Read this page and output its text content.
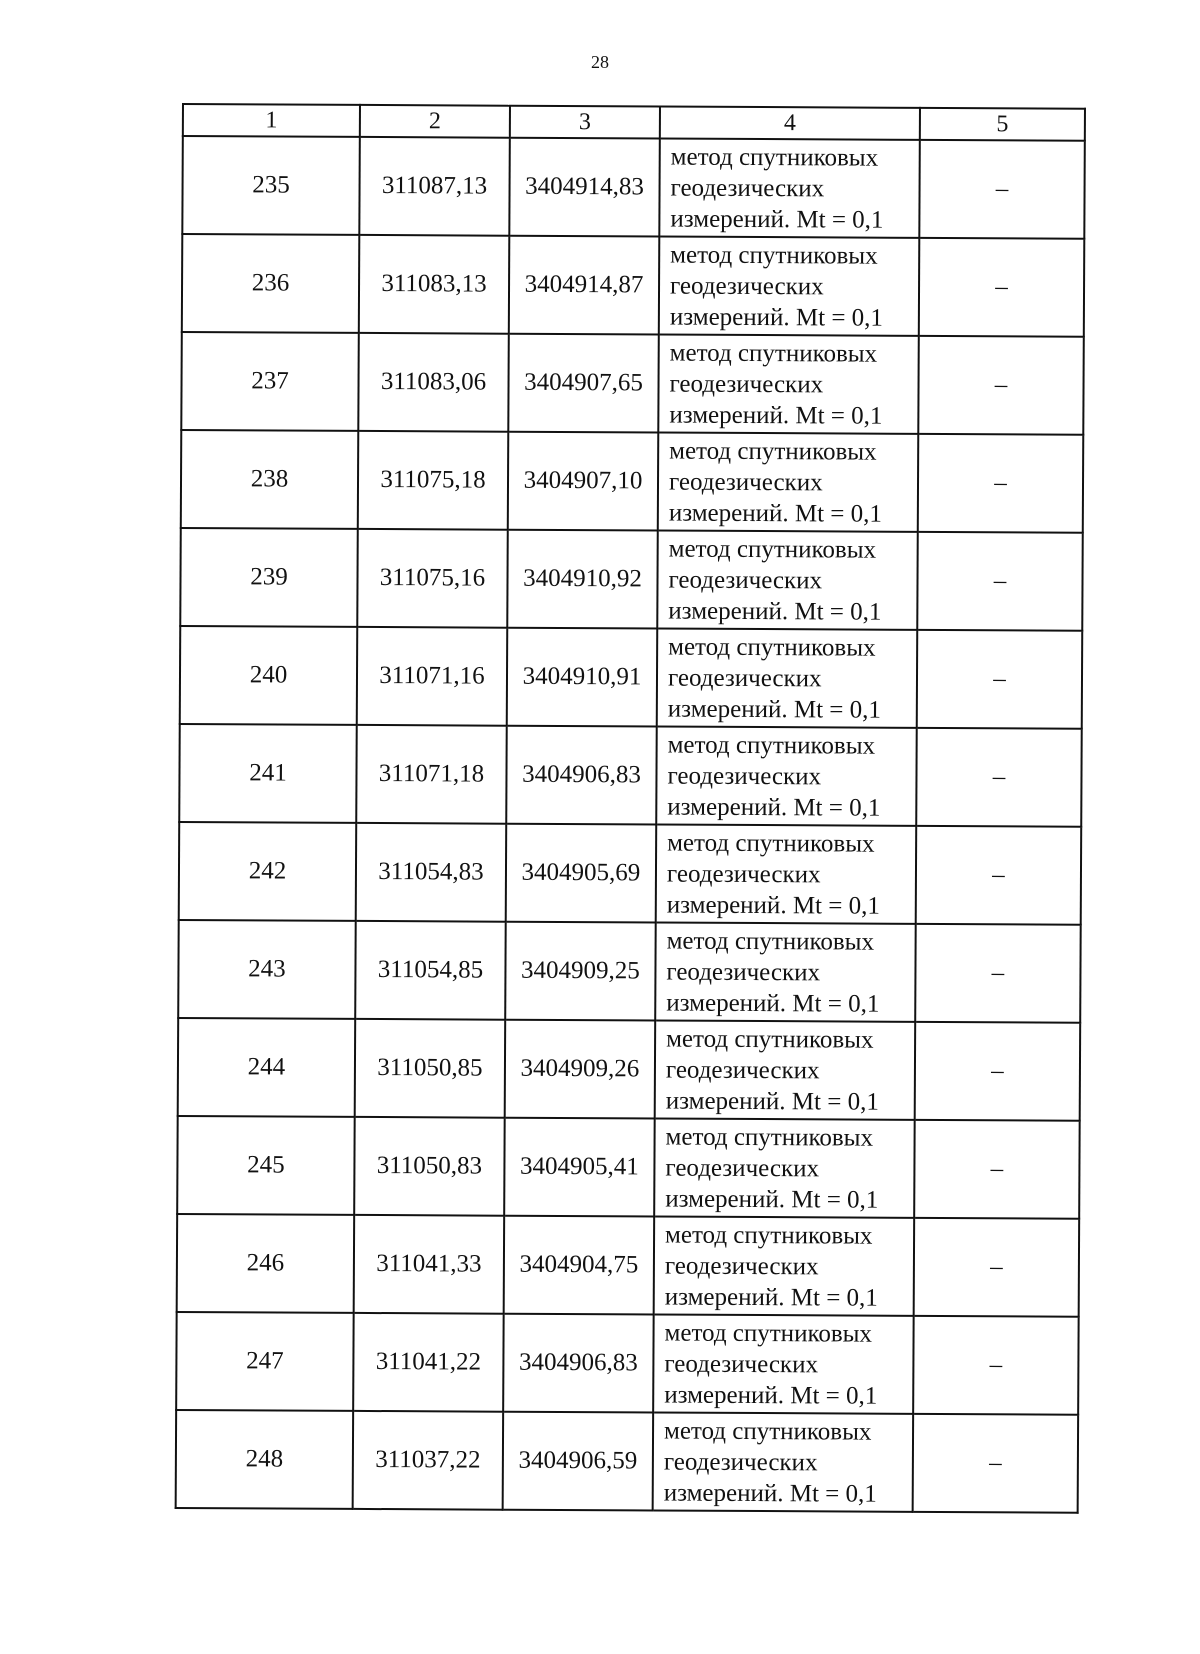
28
1	2	3	4	5
235	311087,13	3404914,83	метод спутниковых
геодезических
измерений. Mt = 0,1	–
236	311083,13	3404914,87	метод спутниковых
геодезических
измерений. Mt = 0,1	–
237	311083,06	3404907,65	метод спутниковых
геодезических
измерений. Mt = 0,1	–
238	311075,18	3404907,10	метод спутниковых
геодезических
измерений. Mt = 0,1	–
239	311075,16	3404910,92	метод спутниковых
геодезических
измерений. Mt = 0,1	–
240	311071,16	3404910,91	метод спутниковых
геодезических
измерений. Mt = 0,1	–
241	311071,18	3404906,83	метод спутниковых
геодезических
измерений. Mt = 0,1	–
242	311054,83	3404905,69	метод спутниковых
геодезических
измерений. Mt = 0,1	–
243	311054,85	3404909,25	метод спутниковых
геодезических
измерений. Mt = 0,1	–
244	311050,85	3404909,26	метод спутниковых
геодезических
измерений. Mt = 0,1	–
245	311050,83	3404905,41	метод спутниковых
геодезических
измерений. Mt = 0,1	–
246	311041,33	3404904,75	метод спутниковых
геодезических
измерений. Mt = 0,1	–
247	311041,22	3404906,83	метод спутниковых
геодезических
измерений. Mt = 0,1	–
248	311037,22	3404906,59	метод спутниковых
геодезических
измерений. Mt = 0,1	–
